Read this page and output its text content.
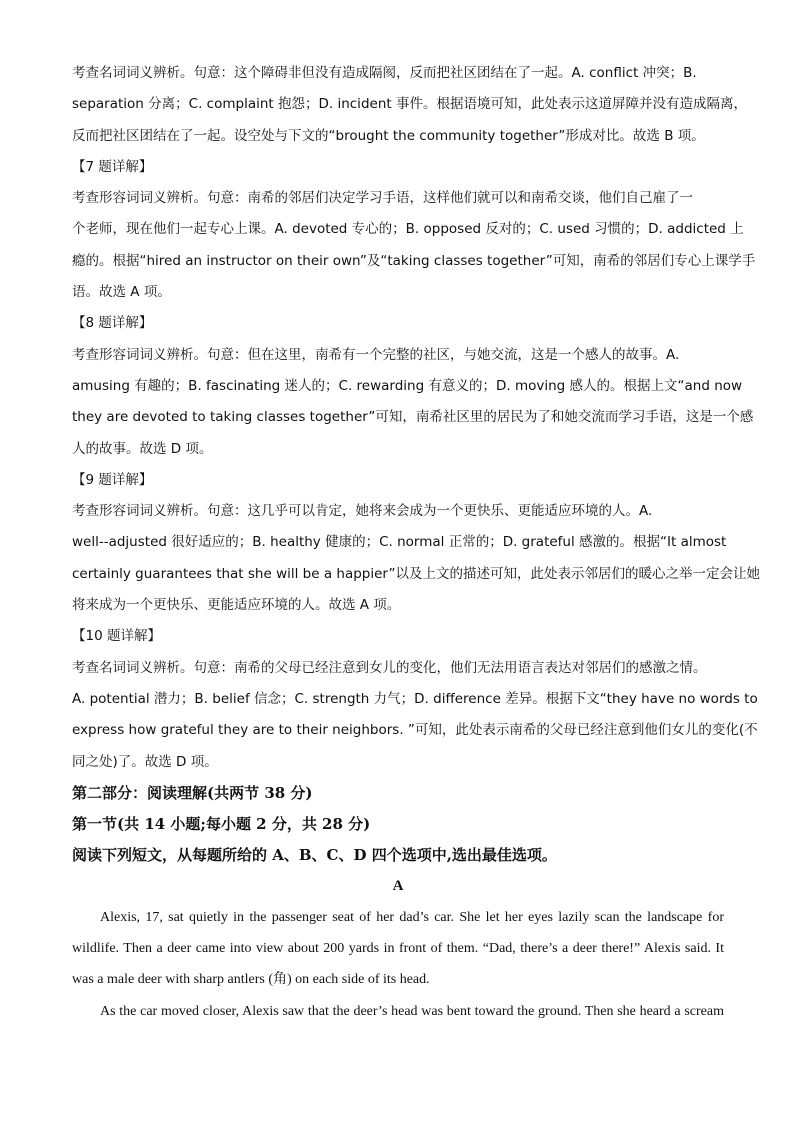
考查名词词义辨析。句意：这个障碍非但没有造成隔阂，反而把社区团结在了一起。A. conflict 冲突；B.
separation 分离；C. complaint 抱怨；D. incident 事件。根据语境可知，此处表示这道屏障并没有造成隔离，
反而把社区团结在了一起。设空处与下文的“brought the community together”形成对比。故选 B 项。
【7 题详解】
考查形容词词义辨析。句意：南希的邻居们决定学习手语，这样他们就可以和南希交谈，他们自己雇了一
个老师，现在他们一起专心上课。A. devoted 专心的；B. opposed 反对的；C. used 习惯的；D. addicted 上
瘾的。根据“hired an instructor on their own”及“taking classes together”可知，南希的邻居们专心上课学手
语。故选 A 项。
【8 题详解】
考查形容词词义辨析。句意：但在这里，南希有一个完整的社区，与她交流，这是一个感人的故事。A.
amusing 有趣的；B. fascinating 迷人的；C. rewarding 有意义的；D. moving 感人的。根据上文“and now
they are devoted to taking classes together”可知，南希社区里的居民为了和她交流而学习手语，这是一个感
人的故事。故选 D 项。
【9 题详解】
考查形容词词义辨析。句意：这几乎可以肯定，她将来会成为一个更快乐、更能适应环境的人。A.
well--adjusted 很好适应的；B. healthy 健康的；C. normal 正常的；D. grateful 感激的。根据“It almost
certainly guarantees that she will be a happier”以及上文的描述可知，此处表示邻居们的暖心之举一定会让她
将来成为一个更快乐、更能适应环境的人。故选 A 项。
【10 题详解】
考查名词词义辨析。句意：南希的父母已经注意到女儿的变化，他们无法用语言表达对邻居们的感激之情。
A. potential 潜力；B. belief 信念；C. strength 力气；D. difference 差异。根据下文“they have no words to
express how grateful they are to their neighbors. ”可知，此处表示南希的父母已经注意到他们女儿的变化(不
同之处)了。故选 D 项。
第二部分：阅读理解(共两节 38 分)
第一节(共 14 小题;每小题 2 分，共 28 分)
阅读下列短文，从每题所给的 A、B、C、D 四个选项中,选出最佳选项。
A
Alexis, 17, sat quietly in the passenger seat of her dad’s car. She let her eyes lazily scan the landscape for
wildlife. Then a deer came into view about 200 yards in front of them. “Dad, there’s a deer there!” Alexis said. It
was a male deer with sharp antlers (角) on each side of its head.
As the car moved closer, Alexis saw that the deer’s head was bent toward the ground. Then she heard a scream
